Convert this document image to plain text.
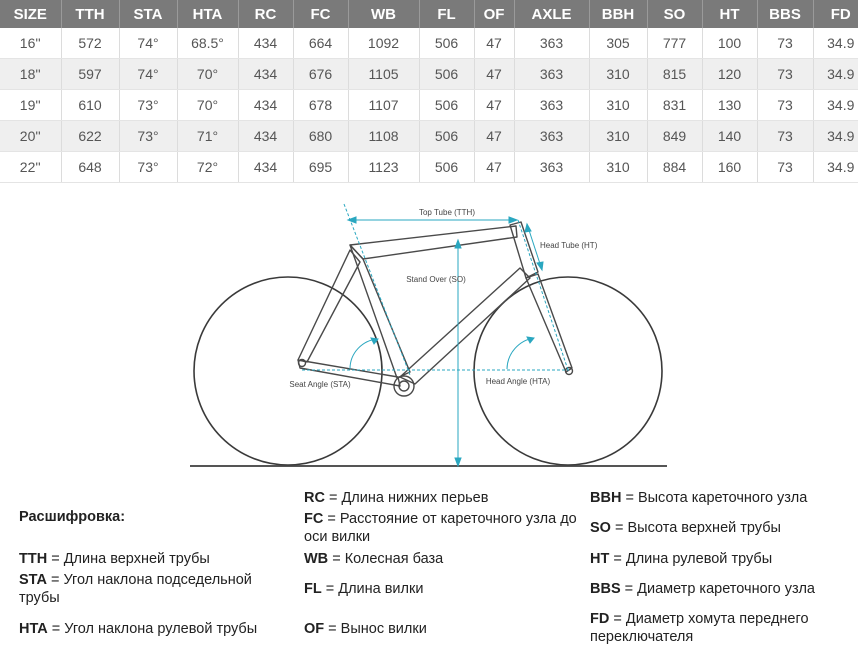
SIZE	TTH	STA	HTA	RC	FC	WB	FL	OF	AXLE	BBH	SO	HT	BBS	FD
16''	572	74°	68.5°	434	664	1092	506	47	363	305	777	100	73	34.9
18''	597	74°	70°	434	676	1105	506	47	363	310	815	120	73	34.9
19''	610	73°	70°	434	678	1107	506	47	363	310	831	130	73	34.9
20''	622	73°	71°	434	680	1108	506	47	363	310	849	140	73	34.9
22''	648	73°	72°	434	695	1123	506	47	363	310	884	160	73	34.9
Top Tube (TTH)
Head Tube (HT)
Stand Over (SO)
Seat Angle (STA)	Head Angle (HTA)
Расшифровка:
TTH = Длина верхней трубы
STA = Угол наклона подседельной трубы
HTA = Угол наклона рулевой трубы
RC = Длина нижних перьев
FC = Расстояние от кареточного узла до оси вилки
WB = Колесная база
FL = Длина вилки
OF = Вынос вилки
BBH = Высота кареточного узла
SO = Высота верхней трубы
HT = Длина рулевой трубы
BBS = Диаметр кареточного узла
FD = Диаметр хомута переднего переключателя
